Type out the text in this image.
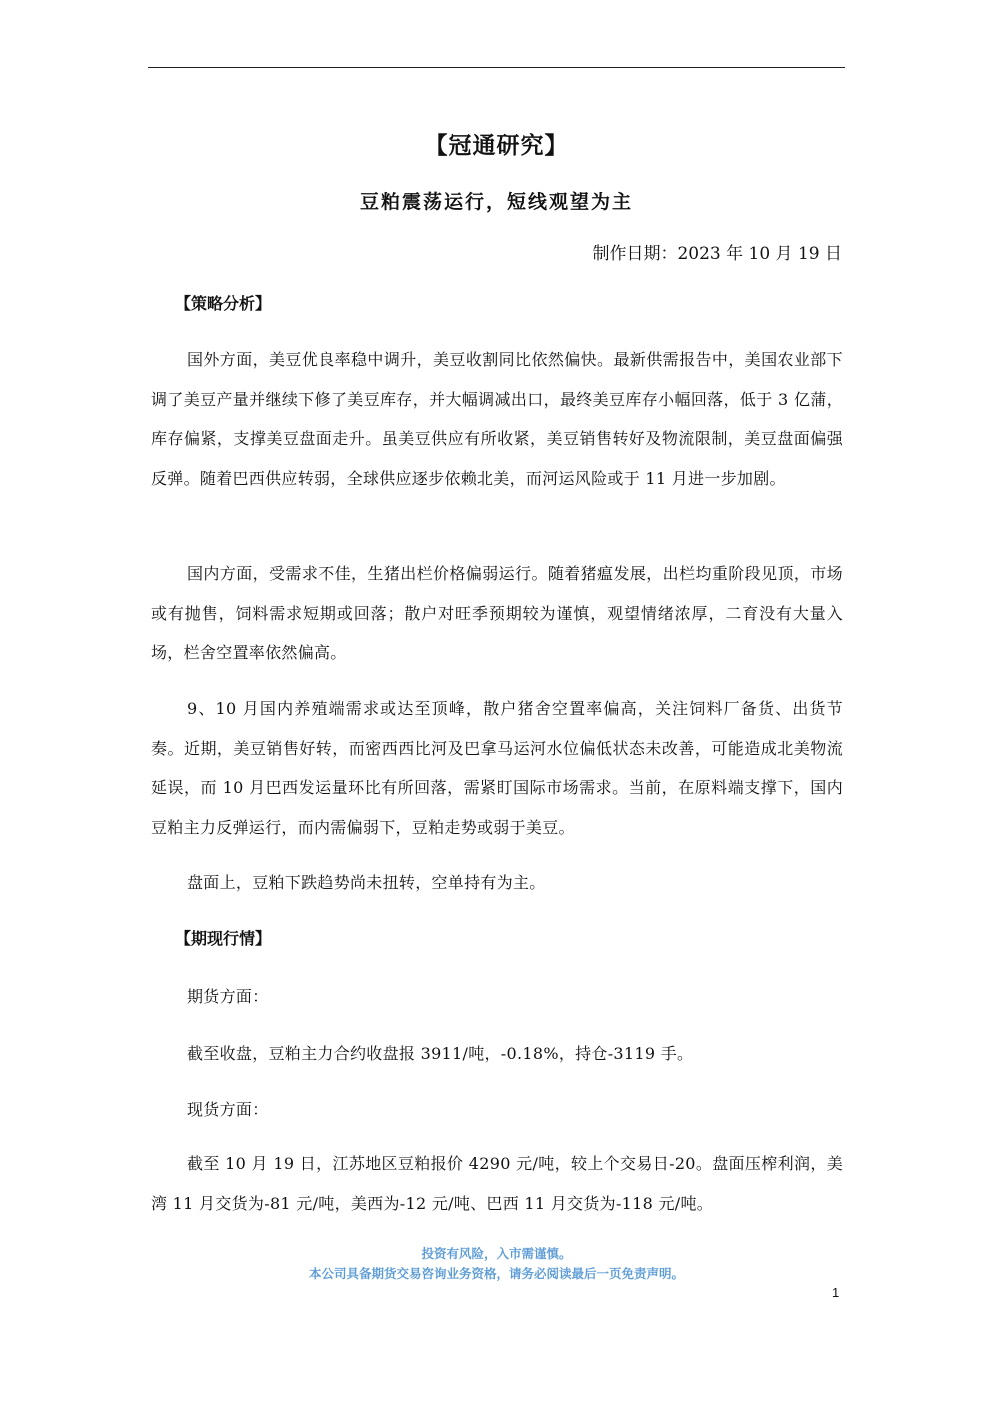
【冠通研究】
豆粕震荡运行，短线观望为主
制作日期：2023 年 10 月 19 日
【策略分析】

国外方面，美豆优良率稳中调升，美豆收割同比依然偏快。最新供需报告中，美国农业部下调了美豆产量并继续下修了美豆库存，并大幅调减出口，最终美豆库存小幅回落，低于 3 亿蒲，库存偏紧，支撑美豆盘面走升。虽美豆供应有所收紧，美豆销售转好及物流限制，美豆盘面偏强反弹。随着巴西供应转弱，全球供应逐步依赖北美，而河运风险或于 11 月进一步加剧。

国内方面，受需求不佳，生猪出栏价格偏弱运行。随着猪瘟发展，出栏均重阶段见顶，市场或有抛售，饲料需求短期或回落；散户对旺季预期较为谨慎，观望情绪浓厚，二育没有大量入场，栏舍空置率依然偏高。

9、10 月国内养殖端需求或达至顶峰，散户猪舍空置率偏高，关注饲料厂备货、出货节奏。近期，美豆销售好转，而密西西比河及巴拿马运河水位偏低状态未改善，可能造成北美物流延误，而 10 月巴西发运量环比有所回落，需紧盯国际市场需求。当前，在原料端支撑下，国内豆粕主力反弹运行，而内需偏弱下，豆粕走势或弱于美豆。

盘面上，豆粕下跌趋势尚未扭转，空单持有为主。
【期现行情】
期货方面：
截至收盘，豆粕主力合约收盘报 3911/吨，-0.18%，持仓-3119 手。
现货方面：

截至 10 月 19 日，江苏地区豆粕报价 4290 元/吨，较上个交易日-20。盘面压榨利润，美湾 11 月交货为-81 元/吨，美西为-12 元/吨、巴西 11 月交货为-118 元/吨。

投资有风险，入市需谨慎。
本公司具备期货交易咨询业务资格，请务必阅读最后一页免责声明。
1
